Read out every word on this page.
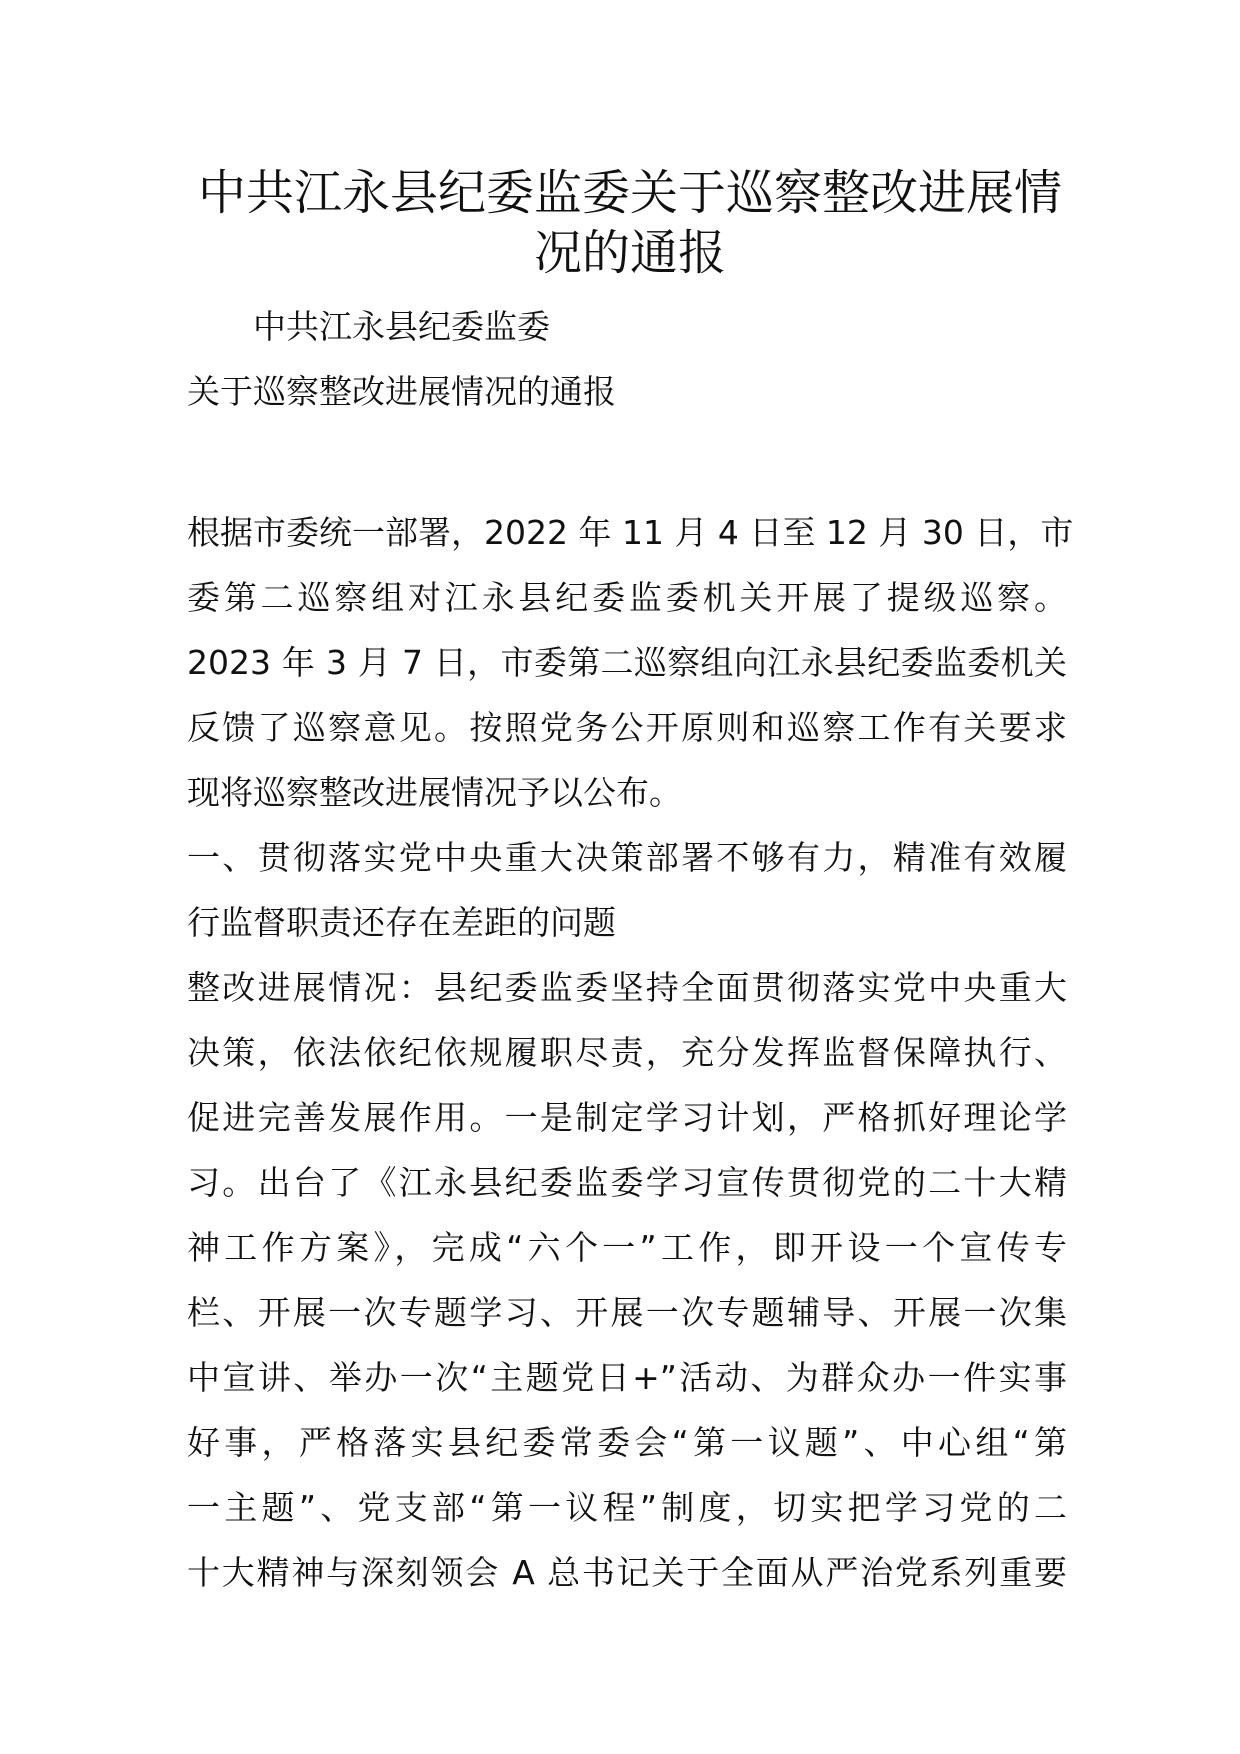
中共江永县纪委监委关于巡察整改进展情
况的通报

中共江永县纪委监委

关于巡察整改进展情况的通报

根据市委统一部署，2022 年 11 月 4 日至 12 月 30 日，市
委第二巡察组对江永县纪委监委机关开展了提级巡察。
2023 年 3 月 7 日，市委第二巡察组向江永县纪委监委机关
反馈了巡察意见。按照党务公开原则和巡察工作有关要求
现将巡察整改进展情况予以公布。
一、贯彻落实党中央重大决策部署不够有力，精准有效履
行监督职责还存在差距的问题
整改进展情况：县纪委监委坚持全面贯彻落实党中央重大
决策，依法依纪依规履职尽责，充分发挥监督保障执行、
促进完善发展作用。一是制定学习计划，严格抓好理论学
习。出台了《江永县纪委监委学习宣传贯彻党的二十大精
神工作方案》，完成“六个一”工作，即开设一个宣传专
栏、开展一次专题学习、开展一次专题辅导、开展一次集
中宣讲、举办一次“主题党日+”活动、为群众办一件实事
好事，严格落实县纪委常委会“第一议题”、中心组“第
一主题”、党支部“第一议程”制度，切实把学习党的二
十大精神与深刻领会 A 总书记关于全面从严治党系列重要
